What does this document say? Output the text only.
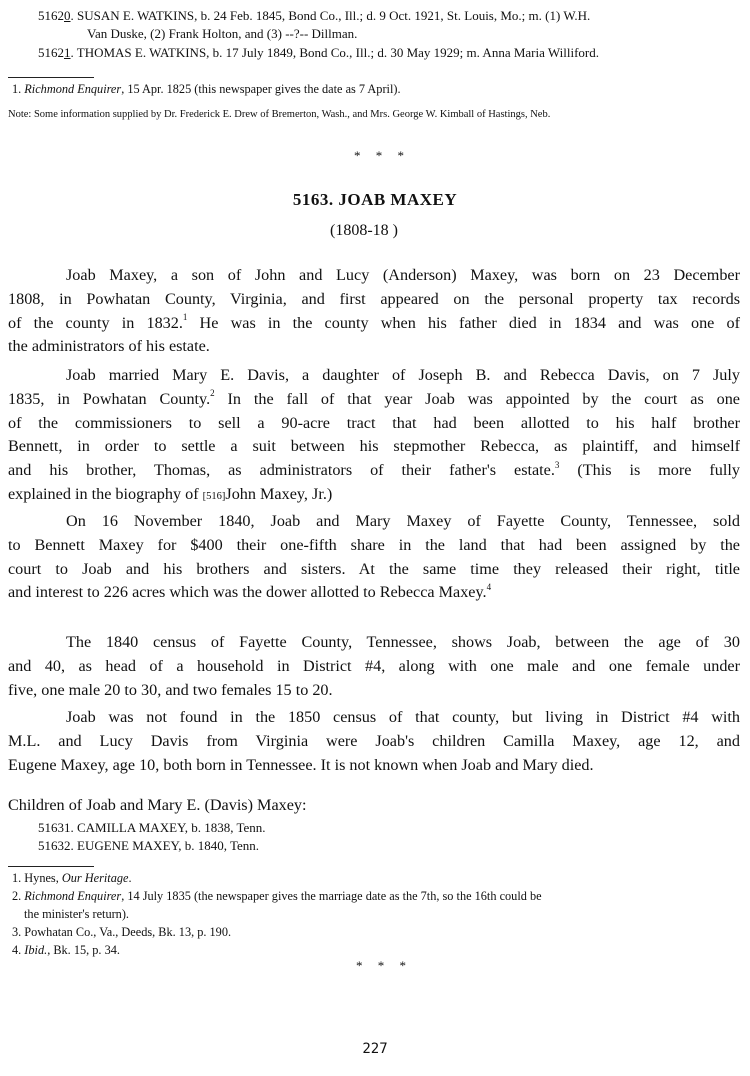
51620. SUSAN E. WATKINS, b. 24 Feb. 1845, Bond Co., Ill.; d. 9 Oct. 1921, St. Louis, Mo.; m. (1) W.H.
Van Duske, (2) Frank Holton, and (3) --?-- Dillman.
51621. THOMAS E. WATKINS, b. 17 July 1849, Bond Co., Ill.; d. 30 May 1929; m. Anna Maria Williford.
1. Richmond Enquirer, 15 Apr. 1825 (this newspaper gives the date as 7 April).
Note: Some information supplied by Dr. Frederick E. Drew of Bremerton, Wash., and Mrs. George W. Kimball of Hastings, Neb.
* * *
5163. JOAB MAXEY
(1808-18 )
Joab Maxey, a son of John and Lucy (Anderson) Maxey, was born on 23 December
1808, in Powhatan County, Virginia, and first appeared on the personal property tax records
of the county in 1832.$^1$ He was in the county when his father died in 1834 and was one of
the administrators of his estate.
Joab married Mary E. Davis, a daughter of Joseph B. and Rebecca Davis, on 7 July
1835, in Powhatan County.$^2$ In the fall of that year Joab was appointed by the court as one
of the commissioners to sell a 90-acre tract that had been allotted to his half brother
Bennett, in order to settle a suit between his stepmother Rebecca, as plaintiff, and himself
and his brother, Thomas, as administrators of their father's estate.$^3$ (This is more fully
explained in the biography of [516]John Maxey, Jr.)
On 16 November 1840, Joab and Mary Maxey of Fayette County, Tennessee, sold
to Bennett Maxey for $400 their one-fifth share in the land that had been assigned by the
court to Joab and his brothers and sisters. At the same time they released their right, title
and interest to 226 acres which was the dower allotted to Rebecca Maxey.$^4$
The 1840 census of Fayette County, Tennessee, shows Joab, between the age of 30
and 40, as head of a household in District #4, along with one male and one female under
five, one male 20 to 30, and two females 15 to 20.
Joab was not found in the 1850 census of that county, but living in District #4 with
M.L. and Lucy Davis from Virginia were Joab's children Camilla Maxey, age 12, and
Eugene Maxey, age 10, both born in Tennessee. It is not known when Joab and Mary died.
Children of Joab and Mary E. (Davis) Maxey:
51631. CAMILLA MAXEY, b. 1838, Tenn.
51632. EUGENE MAXEY, b. 1840, Tenn.
1. Hynes, Our Heritage.
2. Richmond Enquirer, 14 July 1835 (the newspaper gives the marriage date as the 7th, so the 16th could be
the minister's return).
3. Powhatan Co., Va., Deeds, Bk. 13, p. 190.
4. Ibid., Bk. 15, p. 34.
* * *
227
